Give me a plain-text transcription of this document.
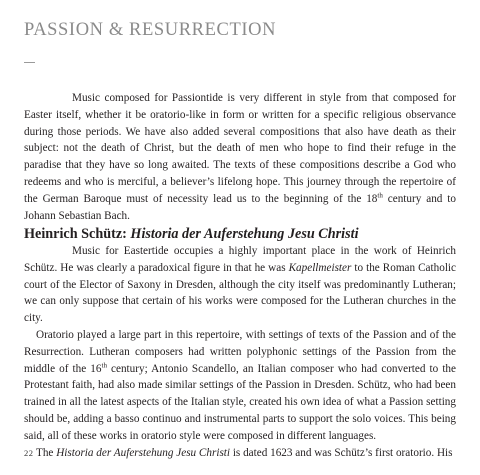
PASSION & RESURRECTION

Music composed for Passiontide is very different in style from that composed for Easter itself, whether it be oratorio-like in form or written for a specific religious observance during those periods. We have also added several compositions that also have death as their subject: not the death of Christ, but the death of men who hope to find their refuge in the paradise that they have so long awaited. The texts of these compositions describe a God who redeems and who is merciful, a believer’s lifelong hope. This journey through the repertoire of the German Baroque must of necessity lead us to the beginning of the 18th century and to Johann Sebastian Bach.

Heinrich Schütz: Historia der Auferstehung Jesu Christi

Music for Eastertide occupies a highly important place in the work of Heinrich Schütz. He was clearly a paradoxical figure in that he was Kapellmeister to the Roman Catholic court of the Elector of Saxony in Dresden, although the city itself was predominantly Lutheran; we can only suppose that certain of his works were composed for the Lutheran churches in the city.

Oratorio played a large part in this repertoire, with settings of texts of the Passion and of the Resurrection. Lutheran composers had written polyphonic settings of the Passion from the middle of the 16th century; Antonio Scandello, an Italian composer who had converted to the Protestant faith, had also made similar settings of the Passion in Dresden. Schütz, who had been trained in all the latest aspects of the Italian style, created his own idea of what a Passion setting should be, adding a basso continuo and instrumental parts to support the solo voices. This being said, all of these works in oratorio style were composed in different languages.

The Historia der Auferstehung Jesu Christi is dated 1623 and was Schütz’s first oratorio. His

22
